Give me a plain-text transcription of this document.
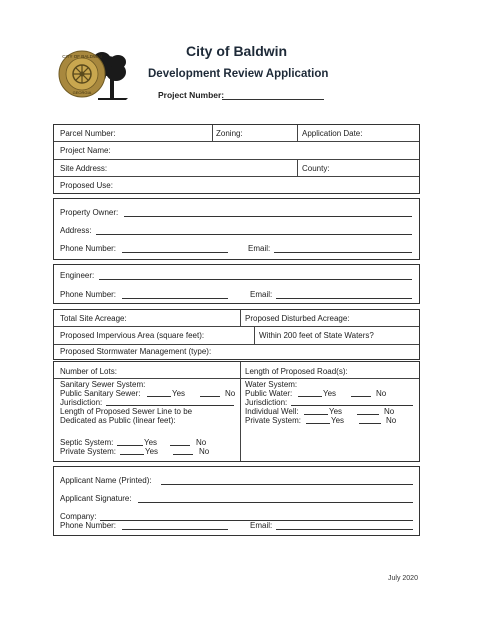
CITY OF BALDWIN
GEORGIA
City of Baldwin
Development Review Application
Project Number:
Parcel Number:	Zoning:	Application Date:
Project Name:
Site Address:	County:
Proposed Use:
Property Owner:
Address:
Phone Number:	Email:
Engineer:
Phone Number:	Email:
Total Site Acreage:	Proposed Disturbed Acreage:
Proposed Impervious Area (square feet):	Within 200 feet of State Waters?
Proposed Stormwater Management (type):
Number of Lots:	Length of Proposed Road(s):
Sanitary Sewer System:
Public Sanitary Sewer:	Yes	No
Jurisdiction:
Length of Proposed Sewer Line to be
Dedicated as Public (linear feet):
Septic System:	Yes	No
Private System:	Yes	No
Water System:
Public Water:	Yes	No
Jurisdiction:
Individual Well:	Yes	No
Private System:	Yes	No
Applicant Name (Printed):
Applicant Signature:
Company:
Phone Number:	Email:
July 2020
